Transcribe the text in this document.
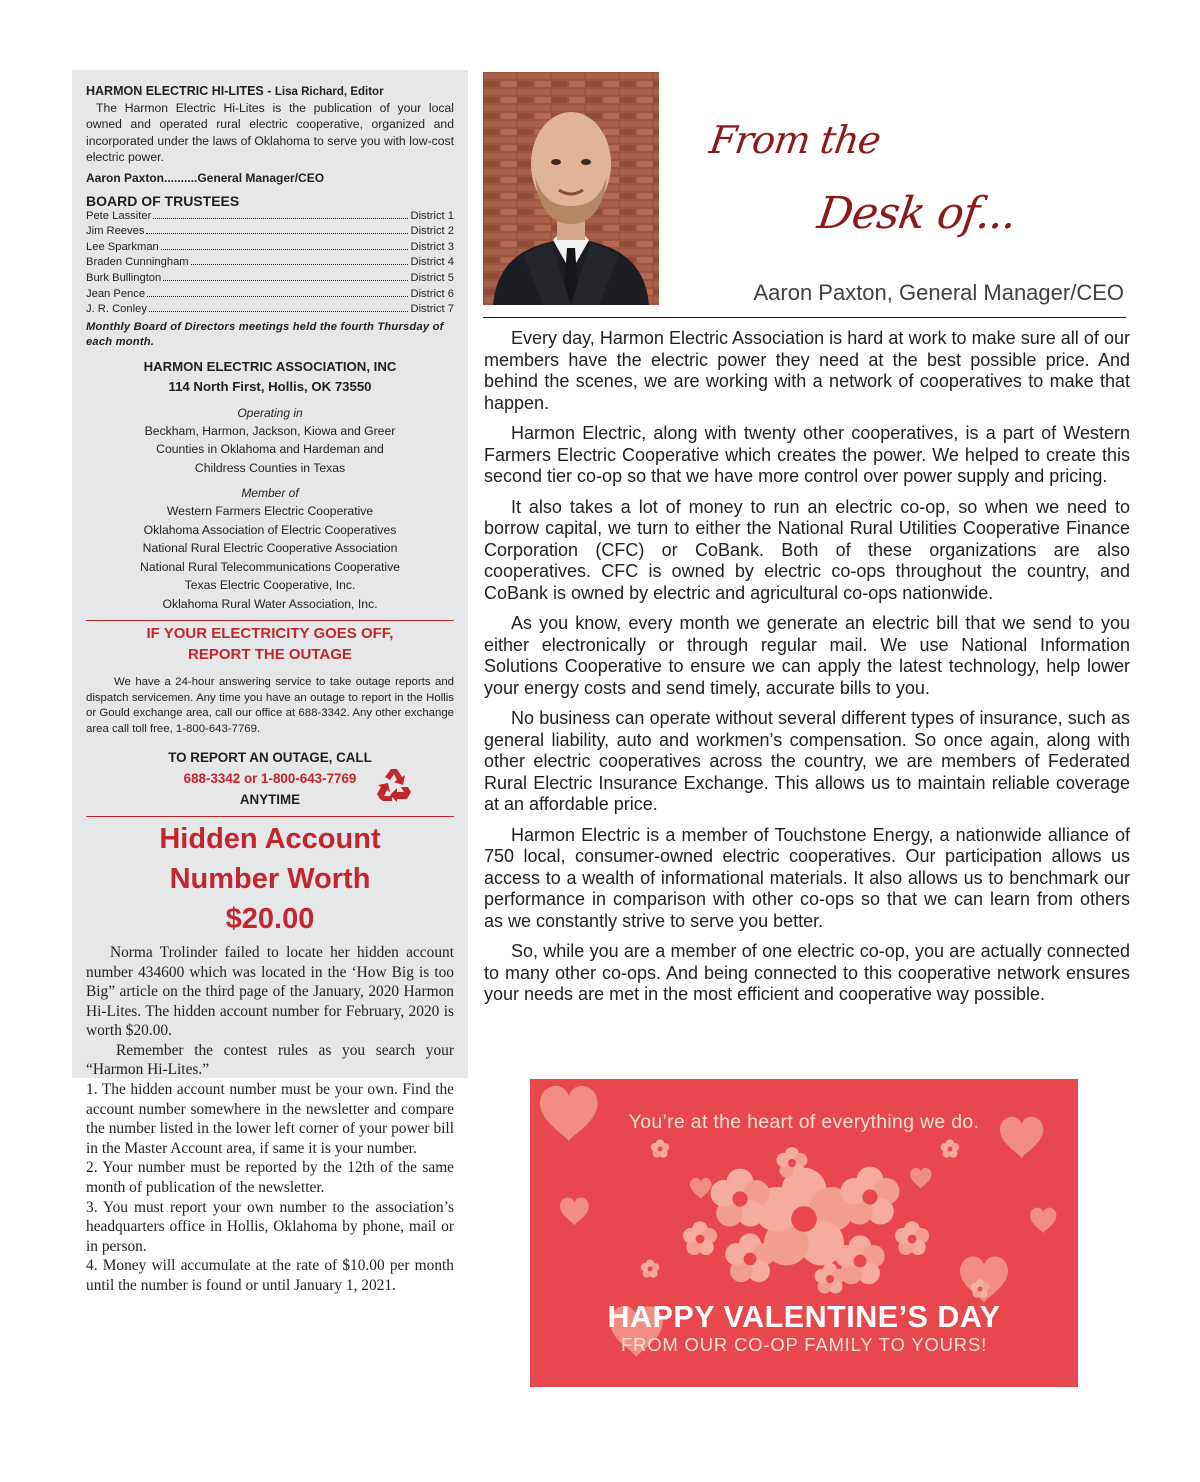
HARMON ELECTRIC HI-LITES - Lisa Richard, Editor
The Harmon Electric Hi-Lites is the publication of your local owned and operated rural electric cooperative, organized and incorporated under the laws of Oklahoma to serve you with low-cost electric power.
Aaron Paxton..........General Manager/CEO
BOARD OF TRUSTEES
Pete Lassiter	District 1
Jim Reeves	District 2
Lee Sparkman	District 3
Braden Cunningham	District 4
Burk Bullington	District 5
Jean Pence	District 6
J. R. Conley	District 7
Monthly Board of Directors meetings held the fourth Thursday of each month.
HARMON ELECTRIC ASSOCIATION, INC
114 North First, Hollis, OK 73550
Operating in
Beckham, Harmon, Jackson, Kiowa and Greer
Counties in Oklahoma and Hardeman and
Childress Counties in Texas
Member of
Western Farmers Electric Cooperative
Oklahoma Association of Electric Cooperatives
National Rural Electric Cooperative Association
National Rural Telecommunications Cooperative
Texas Electric Cooperative, Inc.
Oklahoma Rural Water Association, Inc.
IF YOUR ELECTRICITY GOES OFF,
REPORT THE OUTAGE
We have a 24-hour answering service to take outage reports and dispatch servicemen. Any time you have an outage to report in the Hollis or Gould exchange area, call our office at 688-3342. Any other exchange area call toll free, 1-800-643-7769.
TO REPORT AN OUTAGE, CALL
688-3342 or 1-800-643-7769
ANYTIME
Hidden Account
Number Worth
$20.00
Norma Trolinder failed to locate her hidden account number 434600 which was located in the ‘How Big is too Big” article on the third page of the January, 2020 Harmon Hi-Lites. The hidden account number for February, 2020 is worth $20.00.
Remember the contest rules as you search your “Harmon Hi-Lites.”
1. The hidden account number must be your own. Find the account number somewhere in the newsletter and compare the number listed in the lower left corner of your power bill in the Master Account area, if same it is your number.
2. Your number must be reported by the 12th of the same month of publication of the newsletter.
3. You must report your own number to the association’s headquarters office in Hollis, Oklahoma by phone, mail or in person.
4. Money will accumulate at the rate of $10.00 per month until the number is found or until January 1, 2021.
From the
Desk of...
Aaron Paxton, General Manager/CEO

Every day, Harmon Electric Association is hard at work to make sure all of our members have the electric power they need at the best possible price. And behind the scenes, we are working with a network of cooperatives to make that happen.

Harmon Electric, along with twenty other cooperatives, is a part of Western Farmers Electric Cooperative which creates the power. We helped to create this second tier co-op so that we have more control over power supply and pricing.

It also takes a lot of money to run an electric co-op, so when we need to borrow capital, we turn to either the National Rural Utilities Cooperative Finance Corporation (CFC) or CoBank. Both of these organizations are also cooperatives. CFC is owned by electric co-ops throughout the country, and CoBank is owned by electric and agricultural co-ops nationwide.

As you know, every month we generate an electric bill that we send to you either electronically or through regular mail. We use National Information Solutions Cooperative to ensure we can apply the latest technology, help lower your energy costs and send timely, accurate bills to you.

No business can operate without several different types of insurance, such as general liability, auto and workmen’s compensation. So once again, along with other electric cooperatives across the country, we are members of Federated Rural Electric Insurance Exchange. This allows us to maintain reliable coverage at an affordable price.

Harmon Electric is a member of Touchstone Energy, a nationwide alliance of 750 local, consumer-owned electric cooperatives. Our participation allows us access to a wealth of informational materials. It also allows us to benchmark our performance in comparison with other co-ops so that we can learn from others as we constantly strive to serve you better.

So, while you are a member of one electric co-op, you are actually connected to many other co-ops. And being connected to this cooperative network ensures your needs are met in the most efficient and cooperative way possible.

You’re at the heart of everything we do.
HAPPY VALENTINE’S DAY
FROM OUR CO-OP FAMILY TO YOURS!
